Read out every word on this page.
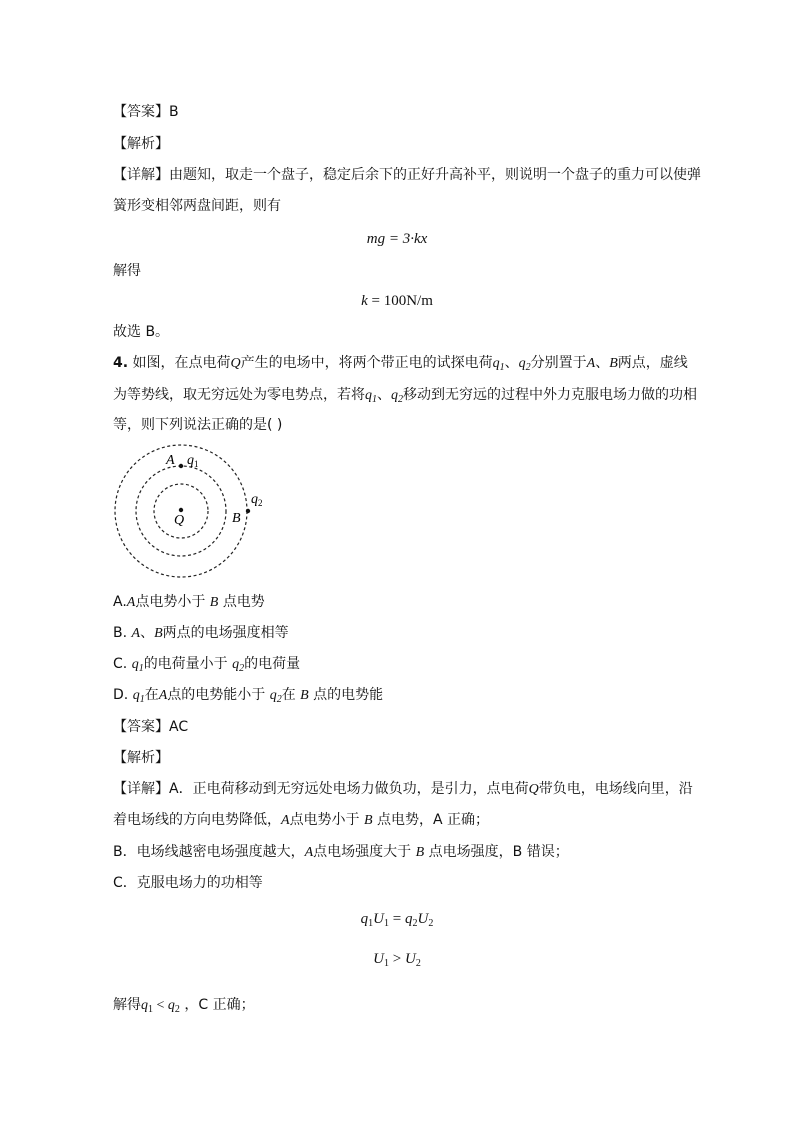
【答案】B
【解析】
【详解】由题知，取走一个盘子，稳定后余下的正好升高补平，则说明一个盘子的重力可以使弹
簧形变相邻两盘间距，则有
mg = 3·kx
解得
k = 100N/m
故选 B。
4. 如图，在点电荷Q产生的电场中，将两个带正电的试探电荷$q_1$、$q_2$分别置于A、B两点，虚线
为等势线，取无穷远处为零电势点，若将$q_1$、$q_2$移动到无穷远的过程中外力克服电场力做的功相
等，则下列说法正确的是( )
Q
A $q_1$
B
$q_2$
A.A点电势小于 B 点电势
B. A、B两点的电场强度相等
C. $q_1$的电荷量小于 $q_2$的电荷量
D. $q_1$在A点的电势能小于 $q_2$在 B 点的电势能
【答案】AC
【解析】
【详解】A．正电荷移动到无穷远处电场力做负功，是引力，点电荷Q带负电，电场线向里，沿
着电场线的方向电势降低，A点电势小于 B 点电势，A 正确；
B．电场线越密电场强度越大，A点电场强度大于 B 点电场强度，B 错误；
C．克服电场力的功相等
$q_1U_1 = q_2U_2$
$U_1 > U_2$
解得$q_1 < q_2$ ，C 正确；
